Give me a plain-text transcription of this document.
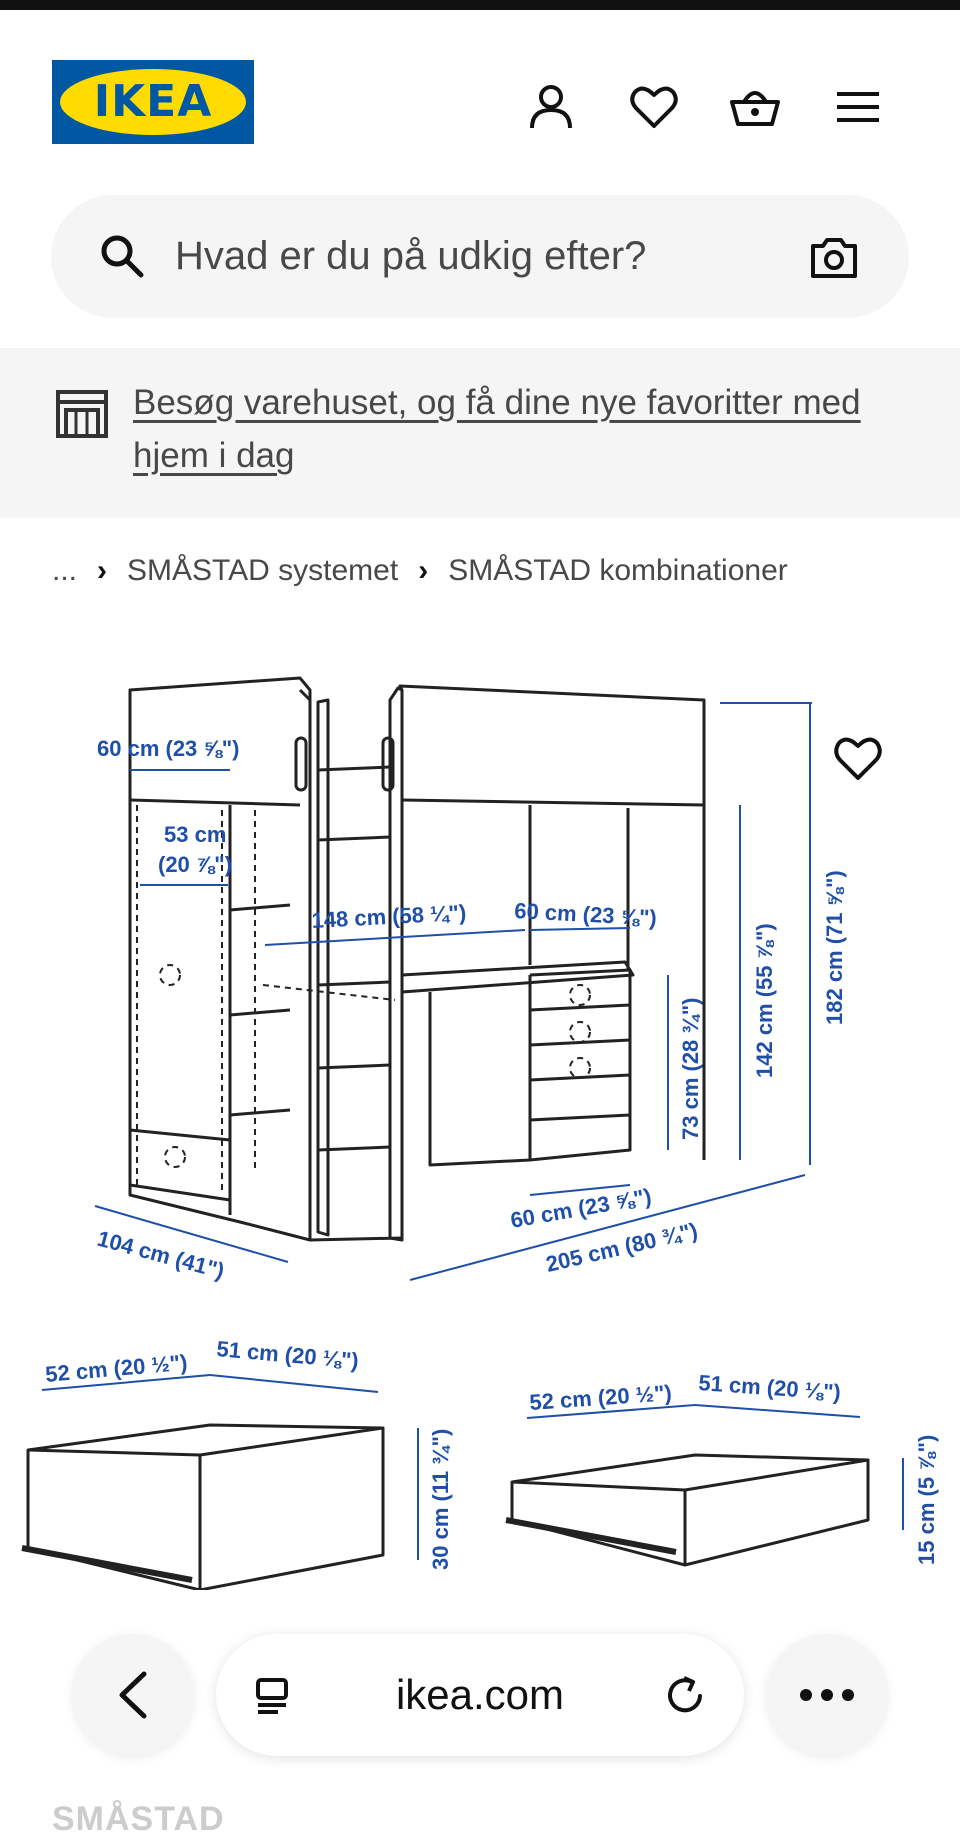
IKEA
Hvad er du på udkig efter?
Besøg varehuset, og få dine nye favoritter med hjem i dag
... › SMÅSTAD systemet › SMÅSTAD kombinationer
60 cm (23 ⅝")
53 cm
(20 ⅞")
148 cm (58 ¼") 60 cm (23 ⅝")
73 cm (28 ¾") 142 cm (55 ⅞") 182 cm (71 ⅝")
60 cm (23 ⅝")
205 cm (80 ¾")
104 cm (41")
52 cm (20 ½") 51 cm (20 ⅛")
30 cm (11 ¾")
52 cm (20 ½") 51 cm (20 ⅛")
15 cm (5 ⅞")
ikea.com
SMÅSTAD
